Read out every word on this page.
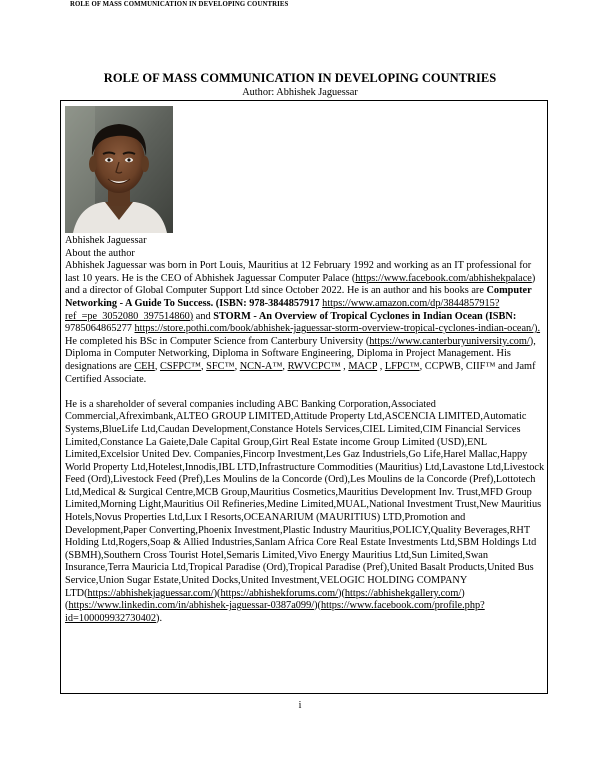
ROLE OF MASS COMMUNICATION IN DEVELOPING COUNTRIES
ROLE OF MASS COMMUNICATION IN DEVELOPING COUNTRIES
Author: Abhishek Jaguessar

Abhishek Jaguessar

About the author

Abhishek Jaguessar was born in Port Louis, Mauritius at 12 February 1992 and working as an IT professional for last 10 years. He is the CEO of Abhishek Jaguessar Computer Palace (https://www.facebook.com/abhishekpalace) and a director of Global Computer Support Ltd since October 2022. He is an author and his books are Computer Networking - A Guide To Success. (ISBN: 978-3844857917 https://www.amazon.com/dp/3844857915?ref_=pe_3052080_397514860) and STORM - An Overview of Tropical Cyclones in Indian Ocean (ISBN: 9785064865277 https://store.pothi.com/book/abhishek-jaguessar-storm-overview-tropical-cyclones-indian-ocean/). He completed his BSc in Computer Science from Canterbury University (https://www.canterburyuniversity.com/), Diploma in Computer Networking, Diploma in Software Engineering, Diploma in Project Management. His designations are CEH, CSFPC™, SFC™, NCN-A™, RWVCPC™ , MACP , LFPC™, CCPWB, CIIF™ and Jamf Certified Associate.

He is a shareholder of several companies including ABC Banking Corporation,Associated Commercial,Afreximbank,ALTEO GROUP LIMITED,Attitude Property Ltd,ASCENCIA LIMITED,Automatic Systems,BlueLife Ltd,Caudan Development,Constance Hotels Services,CIEL Limited,CIM Financial Services Limited,Constance La Gaiete,Dale Capital Group,Girt Real Estate income Group Limited (USD),ENL Limited,Excelsior United Dev. Companies,Fincorp Investment,Les Gaz Industriels,Go Life,Harel Mallac,Happy World Property Ltd,Hotelest,Innodis,IBL LTD,Infrastructure Commodities (Mauritius) Ltd,Lavastone Ltd,Livestock Feed (Ord),Livestock Feed (Pref),Les Moulins de la Concorde (Ord),Les Moulins de la Concorde (Pref),Lottotech Ltd,Medical & Surgical Centre,MCB Group,Mauritius Cosmetics,Mauritius Development Inv. Trust,MFD Group Limited,Morning Light,Mauritius Oil Refineries,Medine Limited,MUAL,National Investment Trust,New Mauritius Hotels,Novus Properties Ltd,Lux I Resorts,OCEANARIUM (MAURITIUS) LTD,Promotion and Development,Paper Converting,Phoenix Investment,Plastic Industry Mauritius,POLICY,Quality Beverages,RHT Holding Ltd,Rogers,Soap & Allied Industries,Sanlam Africa Core Real Estate Investments Ltd,SBM Holdings Ltd (SBMH),Southern Cross Tourist Hotel,Semaris Limited,Vivo Energy Mauritius Ltd,Sun Limited,Swan Insurance,Terra Mauricia Ltd,Tropical Paradise (Ord),Tropical Paradise (Pref),United Basalt Products,United Bus Service,Union Sugar Estate,United Docks,United Investment,VELOGIC HOLDING COMPANY LTD(https://abhishekjaguessar.com/)(https://abhishekforums.com/)(https://abhishekgallery.com/)(https://www.linkedin.com/in/abhishek-jaguessar-0387a099/)(https://www.facebook.com/profile.php?id=100009932730402).

i
